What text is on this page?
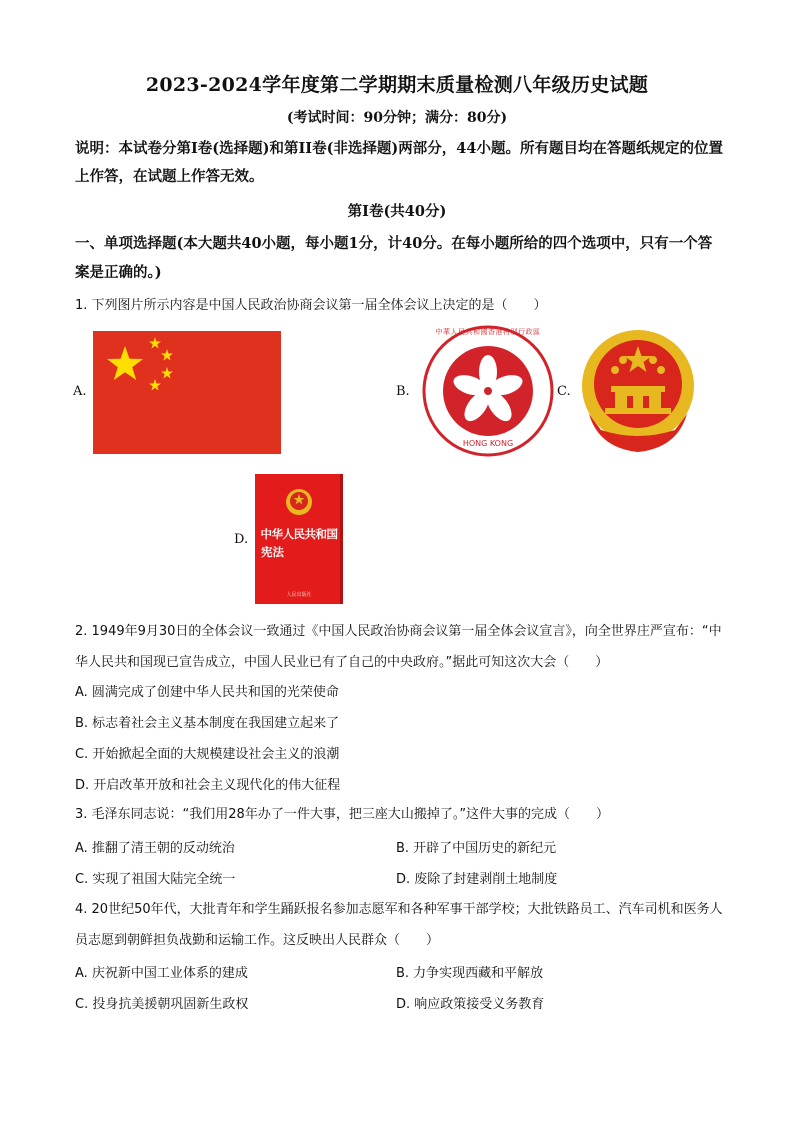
2023-2024学年度第二学期期末质量检测八年级历史试题
(考试时间：90分钟；满分：80分)
说明：本试卷分第Ⅰ卷(选择题)和第II卷(非选择题)两部分，44小题。所有题目均在答题纸规定的位置上作答，在试题上作答无效。
第Ⅰ卷(共40分)
一、单项选择题(本大题共40小题，每小题1分，计40分。在每小题所给的四个选项中，只有一个答案是正确的。)
1. 下列图片所示内容是中国人民政治协商会议第一届全体会议上决定的是（　　）
A.	B.
中華人民共和國香港特別行政區
HONG KONG
C.
D.	中华人民共和国
宪法
人民出版社
2. 1949年9月30日的全体会议一致通过《中国人民政治协商会议第一届全体会议宣言》，向全世界庄严宣布：“中华人民共和国现已宣告成立，中国人民业已有了自己的中央政府。”据此可知这次大会（　　）
A. 圆满完成了创建中华人民共和国的光荣使命
B. 标志着社会主义基本制度在我国建立起来了
C. 开始掀起全面的大规模建设社会主义的浪潮
D. 开启改革开放和社会主义现代化的伟大征程
3. 毛泽东同志说：“我们用28年办了一件大事，把三座大山搬掉了。”这件大事的完成（　　）
A. 推翻了清王朝的反动统治	B. 开辟了中国历史的新纪元
C. 实现了祖国大陆完全统一	D. 废除了封建剥削土地制度
4. 20世纪50年代，大批青年和学生踊跃报名参加志愿军和各种军事干部学校；大批铁路员工、汽车司机和医务人员志愿到朝鲜担负战勤和运输工作。这反映出人民群众（　　）
A. 庆祝新中国工业体系的建成	B. 力争实现西藏和平解放
C. 投身抗美援朝巩固新生政权	D. 响应政策接受义务教育
